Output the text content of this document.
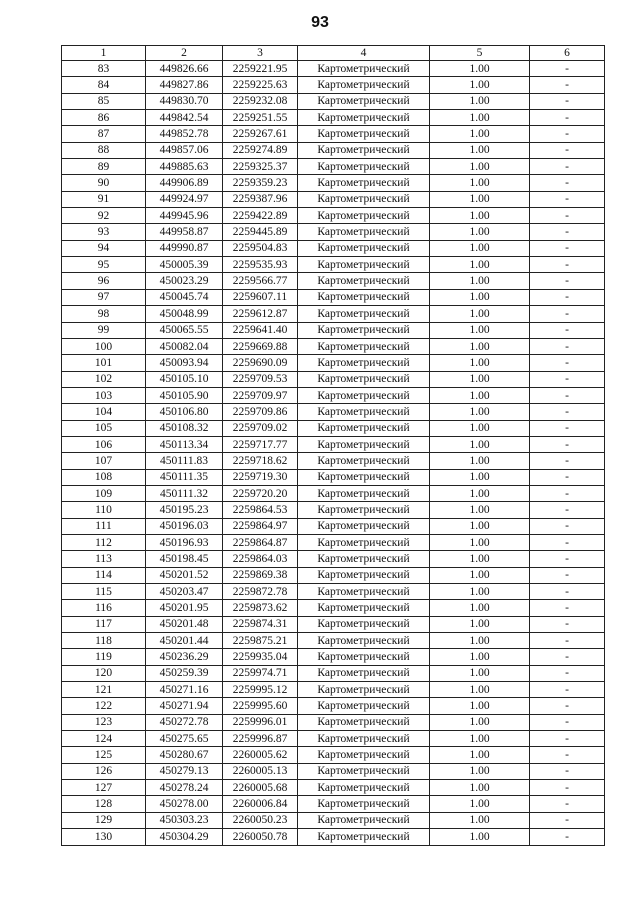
93
1	2	3	4	5	6
83	449826.66	2259221.95	Картометрический	1.00	-
84	449827.86	2259225.63	Картометрический	1.00	-
85	449830.70	2259232.08	Картометрический	1.00	-
86	449842.54	2259251.55	Картометрический	1.00	-
87	449852.78	2259267.61	Картометрический	1.00	-
88	449857.06	2259274.89	Картометрический	1.00	-
89	449885.63	2259325.37	Картометрический	1.00	-
90	449906.89	2259359.23	Картометрический	1.00	-
91	449924.97	2259387.96	Картометрический	1.00	-
92	449945.96	2259422.89	Картометрический	1.00	-
93	449958.87	2259445.89	Картометрический	1.00	-
94	449990.87	2259504.83	Картометрический	1.00	-
95	450005.39	2259535.93	Картометрический	1.00	-
96	450023.29	2259566.77	Картометрический	1.00	-
97	450045.74	2259607.11	Картометрический	1.00	-
98	450048.99	2259612.87	Картометрический	1.00	-
99	450065.55	2259641.40	Картометрический	1.00	-
100	450082.04	2259669.88	Картометрический	1.00	-
101	450093.94	2259690.09	Картометрический	1.00	-
102	450105.10	2259709.53	Картометрический	1.00	-
103	450105.90	2259709.97	Картометрический	1.00	-
104	450106.80	2259709.86	Картометрический	1.00	-
105	450108.32	2259709.02	Картометрический	1.00	-
106	450113.34	2259717.77	Картометрический	1.00	-
107	450111.83	2259718.62	Картометрический	1.00	-
108	450111.35	2259719.30	Картометрический	1.00	-
109	450111.32	2259720.20	Картометрический	1.00	-
110	450195.23	2259864.53	Картометрический	1.00	-
111	450196.03	2259864.97	Картометрический	1.00	-
112	450196.93	2259864.87	Картометрический	1.00	-
113	450198.45	2259864.03	Картометрический	1.00	-
114	450201.52	2259869.38	Картометрический	1.00	-
115	450203.47	2259872.78	Картометрический	1.00	-
116	450201.95	2259873.62	Картометрический	1.00	-
117	450201.48	2259874.31	Картометрический	1.00	-
118	450201.44	2259875.21	Картометрический	1.00	-
119	450236.29	2259935.04	Картометрический	1.00	-
120	450259.39	2259974.71	Картометрический	1.00	-
121	450271.16	2259995.12	Картометрический	1.00	-
122	450271.94	2259995.60	Картометрический	1.00	-
123	450272.78	2259996.01	Картометрический	1.00	-
124	450275.65	2259996.87	Картометрический	1.00	-
125	450280.67	2260005.62	Картометрический	1.00	-
126	450279.13	2260005.13	Картометрический	1.00	-
127	450278.24	2260005.68	Картометрический	1.00	-
128	450278.00	2260006.84	Картометрический	1.00	-
129	450303.23	2260050.23	Картометрический	1.00	-
130	450304.29	2260050.78	Картометрический	1.00	-
